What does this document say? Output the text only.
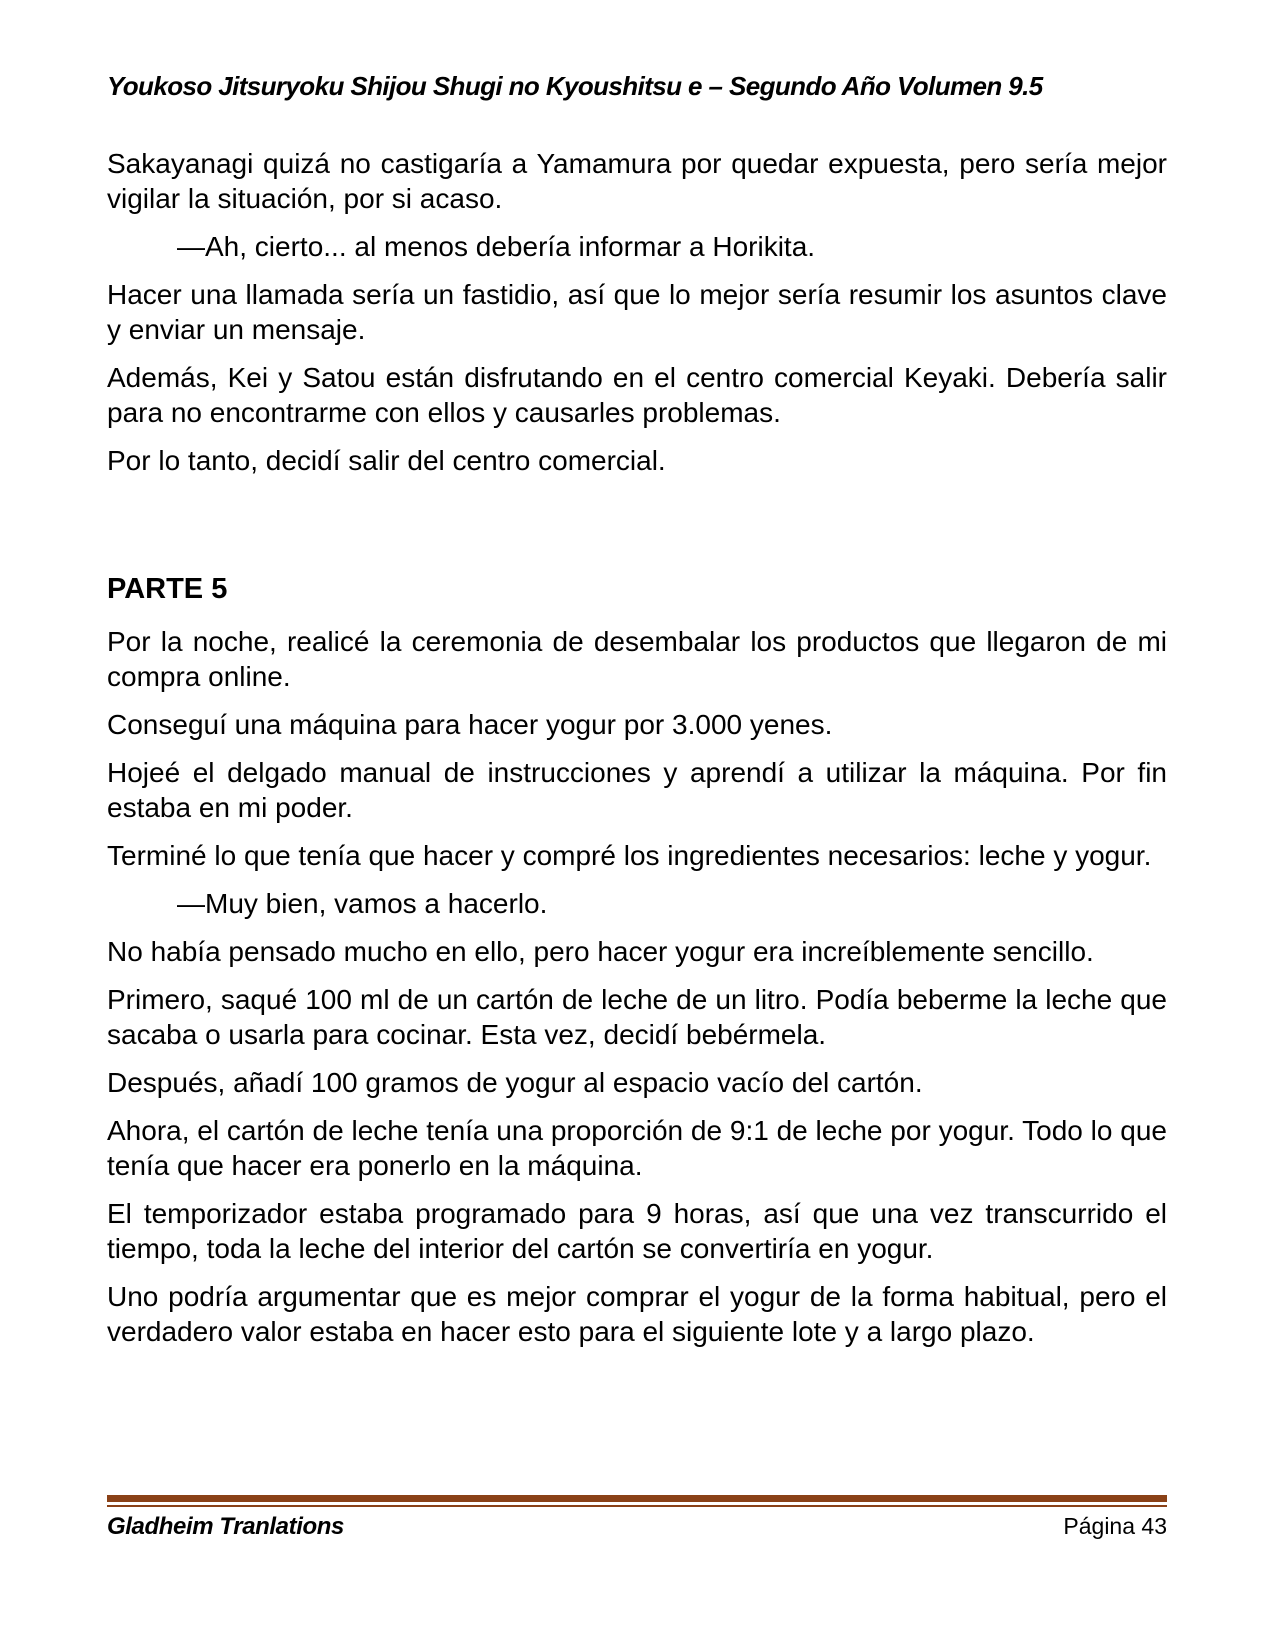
Youkoso Jitsuryoku Shijou Shugi no Kyoushitsu e – Segundo Año Volumen 9.5

Sakayanagi quizá no castigaría a Yamamura por quedar expuesta, pero sería mejor vigilar la situación, por si acaso.

—Ah, cierto... al menos debería informar a Horikita.

Hacer una llamada sería un fastidio, así que lo mejor sería resumir los asuntos clave y enviar un mensaje.

Además, Kei y Satou están disfrutando en el centro comercial Keyaki. Debería salir para no encontrarme con ellos y causarles problemas.

Por lo tanto, decidí salir del centro comercial.

PARTE 5

Por la noche, realicé la ceremonia de desembalar los productos que llegaron de mi compra online.

Conseguí una máquina para hacer yogur por 3.000 yenes.

Hojeé el delgado manual de instrucciones y aprendí a utilizar la máquina. Por fin estaba en mi poder.

Terminé lo que tenía que hacer y compré los ingredientes necesarios: leche y yogur.

—Muy bien, vamos a hacerlo.

No había pensado mucho en ello, pero hacer yogur era increíblemente sencillo.

Primero, saqué 100 ml de un cartón de leche de un litro. Podía beberme la leche que sacaba o usarla para cocinar. Esta vez, decidí bebérmela.

Después, añadí 100 gramos de yogur al espacio vacío del cartón.

Ahora, el cartón de leche tenía una proporción de 9:1 de leche por yogur. Todo lo que tenía que hacer era ponerlo en la máquina.

El temporizador estaba programado para 9 horas, así que una vez transcurrido el tiempo, toda la leche del interior del cartón se convertiría en yogur.

Uno podría argumentar que es mejor comprar el yogur de la forma habitual, pero el verdadero valor estaba en hacer esto para el siguiente lote y a largo plazo.

Gladheim Tranlations	Página 43
